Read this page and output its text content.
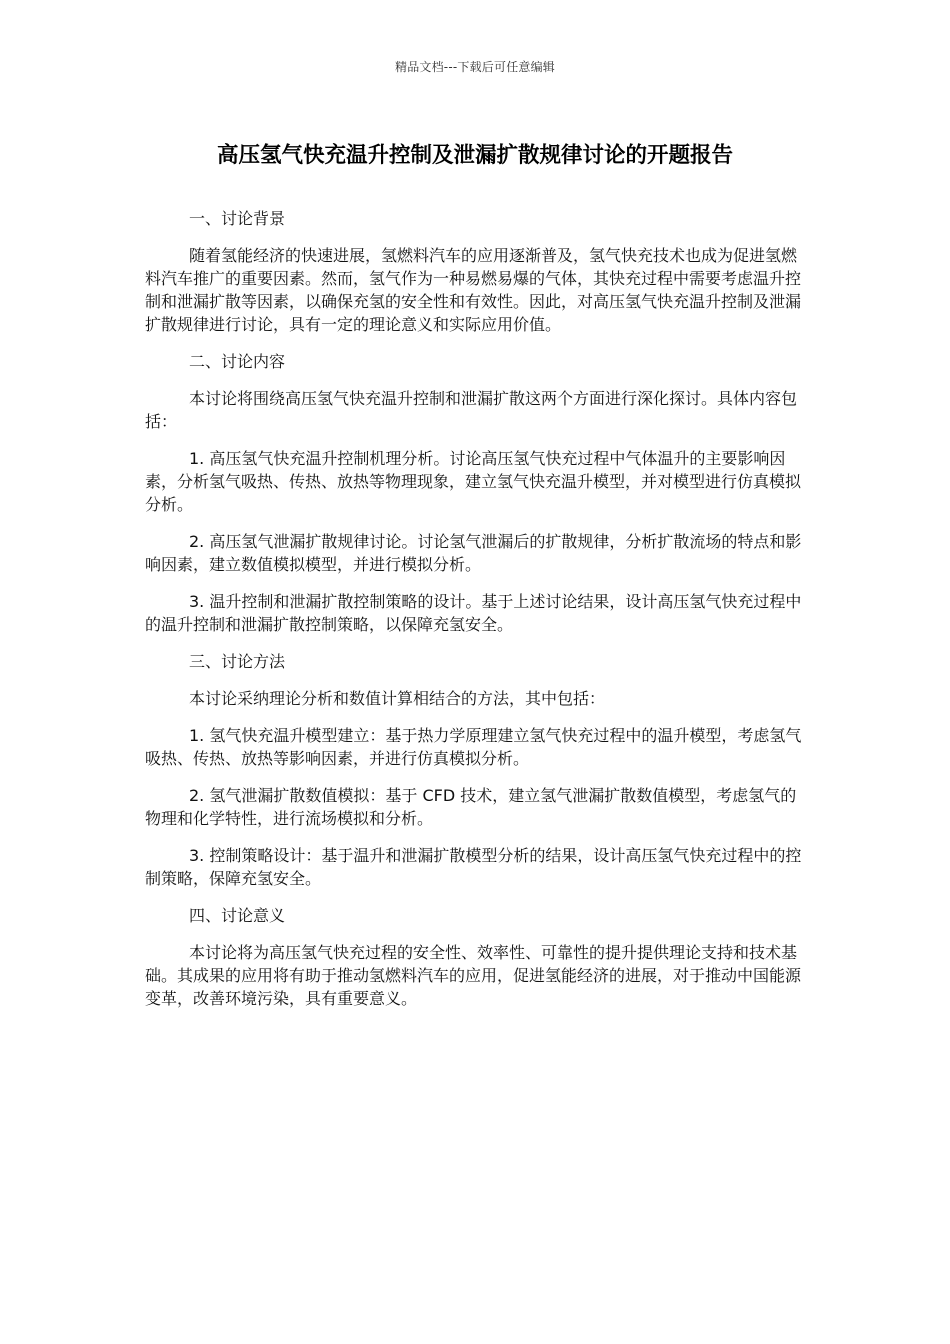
精品文档---下载后可任意编辑
高压氢气快充温升控制及泄漏扩散规律讨论的开题报告
一、讨论背景

随着氢能经济的快速进展，氢燃料汽车的应用逐渐普及，氢气快充技术也成为促进氢燃料汽车推广的重要因素。然而，氢气作为一种易燃易爆的气体，其快充过程中需要考虑温升控制和泄漏扩散等因素，以确保充氢的安全性和有效性。因此，对高压氢气快充温升控制及泄漏扩散规律进行讨论，具有一定的理论意义和实际应用价值。

二、讨论内容

本讨论将围绕高压氢气快充温升控制和泄漏扩散这两个方面进行深化探讨。具体内容包括：

1. 高压氢气快充温升控制机理分析。讨论高压氢气快充过程中气体温升的主要影响因素，分析氢气吸热、传热、放热等物理现象，建立氢气快充温升模型，并对模型进行仿真模拟分析。

2. 高压氢气泄漏扩散规律讨论。讨论氢气泄漏后的扩散规律，分析扩散流场的特点和影响因素，建立数值模拟模型，并进行模拟分析。

3. 温升控制和泄漏扩散控制策略的设计。基于上述讨论结果，设计高压氢气快充过程中的温升控制和泄漏扩散控制策略，以保障充氢安全。

三、讨论方法

本讨论采纳理论分析和数值计算相结合的方法，其中包括：

1. 氢气快充温升模型建立：基于热力学原理建立氢气快充过程中的温升模型，考虑氢气吸热、传热、放热等影响因素，并进行仿真模拟分析。

2. 氢气泄漏扩散数值模拟：基于 CFD 技术，建立氢气泄漏扩散数值模型，考虑氢气的物理和化学特性，进行流场模拟和分析。

3. 控制策略设计：基于温升和泄漏扩散模型分析的结果，设计高压氢气快充过程中的控制策略，保障充氢安全。

四、讨论意义

本讨论将为高压氢气快充过程的安全性、效率性、可靠性的提升提供理论支持和技术基础。其成果的应用将有助于推动氢燃料汽车的应用，促进氢能经济的进展，对于推动中国能源变革，改善环境污染，具有重要意义。
